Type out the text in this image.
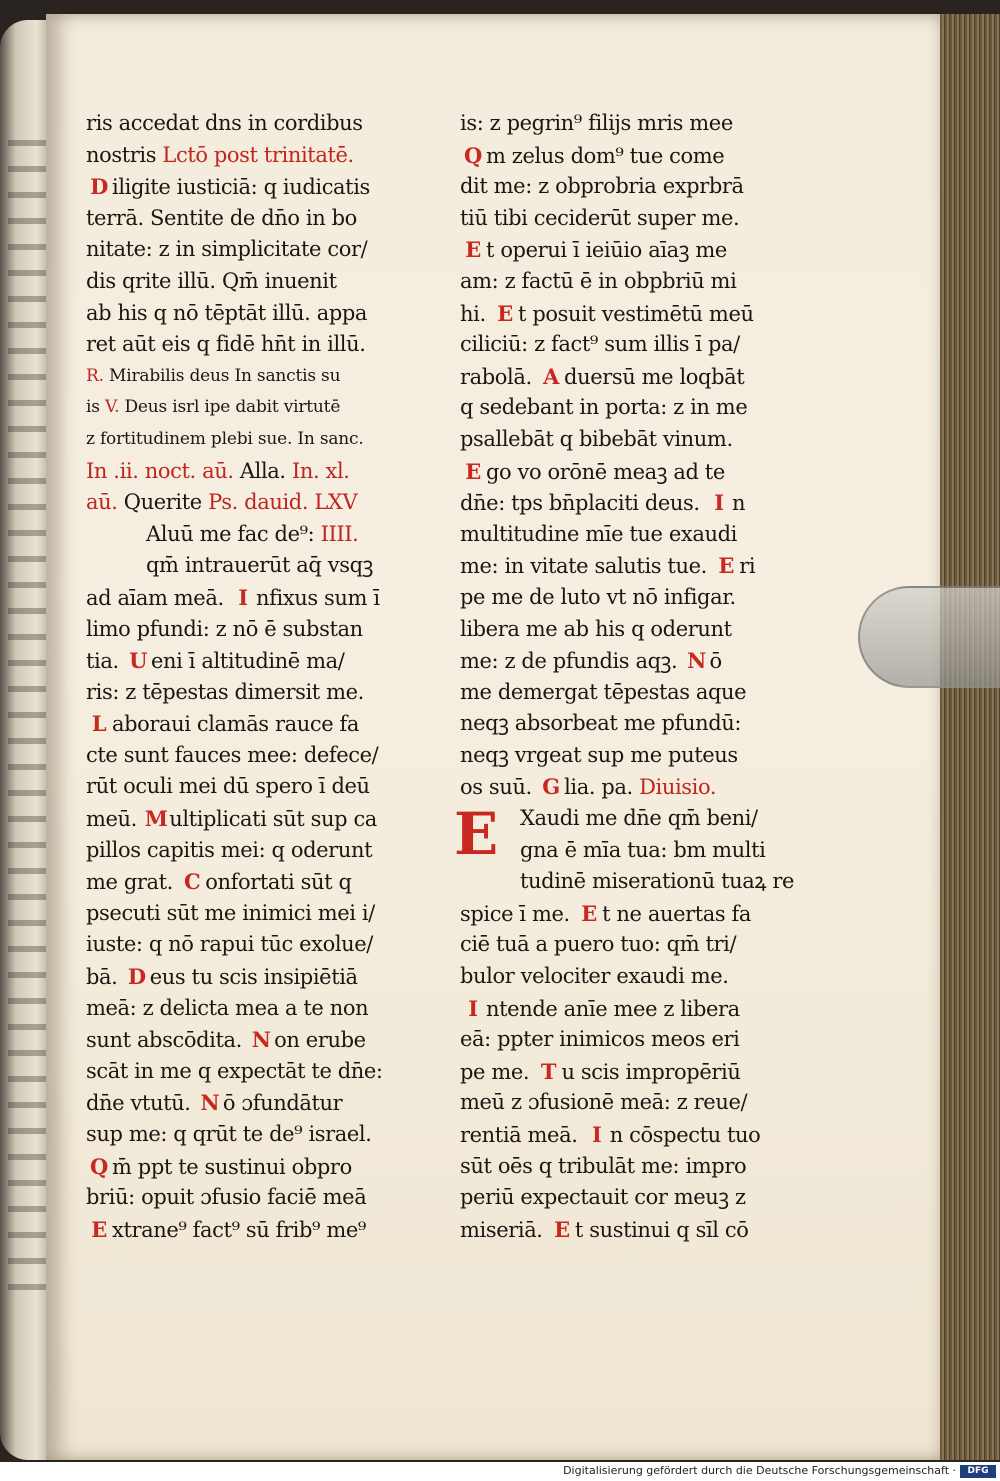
ris accedat dns in cordibus
nostris Lctō post trinitatē.
D iligite iusticiā: q iudicatis
terrā. Sentite de dn̄o in bo
nitate: z in simplicitate cor/
dis qrite illū. Qm̄ inuenit
ab his q nō tēptāt illū. appa
ret aūt eis q fidē hn̄t in illū.
R. Mirabilis deus In sanctis su
is V. Deus isrl ipe dabit virtutē
z fortitudinem plebi sue. In sanc.
In .ii. noct. aū. Alla. In. xl.
aū. Querite Ps. dauid. LXV
Aluū me fac de⁹: IIII.
qm̄ intrauerūt aq̄ vsqꝫ
ad aīam meā. I nfixus sum ī
limo pfundi: z nō ē substan
tia. U eni ī altitudinē ma/
ris: z tēpestas dimersit me.
L aboraui clamās rauce fa
cte sunt fauces mee: defece/
rūt oculi mei dū spero ī deū
meū. Multiplicati sūt sup ca
pillos capitis mei: q oderunt
me grat. C onfortati sūt q
psecuti sūt me inimici mei i/
iuste: q nō rapui tūc exolue/
bā. D eus tu scis insipiētiā
meā: z delicta mea a te non
sunt abscōdita. N on erube
scāt in me q expectāt te dn̄e:
dn̄e vtutū. N ō ɔfundātur
sup me: q qrūt te de⁹ israel.
Q m̄ ppt te sustinui obpro
briū: opuit ɔfusio faciē meā
E xtrane⁹ fact⁹ sū frib⁹ me⁹
is: z pegrin⁹ filijs mris mee
Q m zelus dom⁹ tue come
dit me: z obprobria exprbrā
tiū tibi ceciderūt super me.
E t operui ī ieiūio aīaꝫ me
am: z factū ē in obpbriū mi
hi. E t posuit vestimētū meū
ciliciū: z fact⁹ sum illis ī pa/
rabolā. A duersū me loqbāt
q sedebant in porta: z in me
psallebāt q bibebāt vinum.
E go vo orōnē meaꝫ ad te
dn̄e: tps bn̄placiti deus. I n
multitudine mīe tue exaudi
me: in vitate salutis tue. E ri
pe me de luto vt nō infigar.
libera me ab his q oderunt
me: z de pfundis aqꝫ. N ō
me demergat tēpestas aque
neqꝫ absorbeat me pfundū:
neqꝫ vrgeat sup me puteus
os suū. G lia. pa. Diuisio.
E Xaudi me dn̄e qm̄ beni/
gna ē mīa tua: bm multi
tudinē miserationū tuaꝝ re
spice ī me. E t ne auertas fa
ciē tuā a puero tuo: qm̄ tri/
bulor velociter exaudi me.
I ntende anīe mee z libera
eā: ppter inimicos meos eri
pe me. T u scis impropēriū
meū z ɔfusionē meā: z reue/
rentiā meā. I n cōspectu tuo
sūt oēs q tribulāt me: impro
periū expectauit cor meuꝫ z
miseriā. E t sustinui q sīl cō
Digitalisierung gefördert durch die Deutsche Forschungsgemeinschaft ·	DFG
